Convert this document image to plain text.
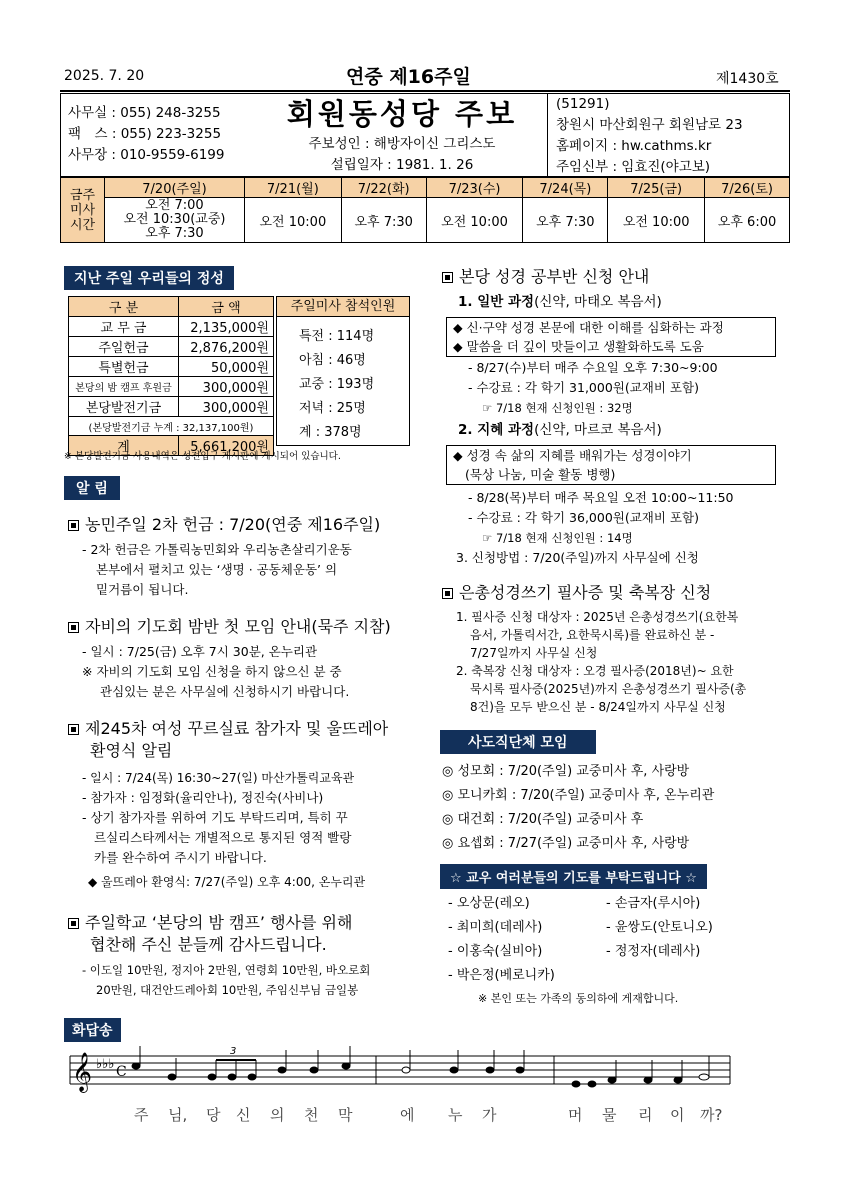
2025. 7. 20	연중 제16주일	제1430호
사무실 : 055) 248-3255
팩　스 : 055) 223-3255
사무장 : 010-9559-6199
회원동성당 주보
주보성인 : 해방자이신 그리스도
설립일자 : 1981. 1. 26
(51291)
창원시 마산회원구 회원남로 23
홈페이지 : hw.cathms.kr
주임신부 : 임효진(야고보)
금주 미사 시간	7/20(주일)	7/21(월)	7/22(화)	7/23(수)	7/24(목)	7/25(금)	7/26(토)

	오전 7:00
오전 10:30(교중)
오후 7:30	오전 10:00	오후 7:30	오전 10:00	오후 7:30	오전 10:00	오후 6:00
지난 주일 우리들의 정성
구 분	금 액
교 무 금	2,135,000원
주일헌금	2,876,200원
특별헌금	50,000원
본당의 밤 캠프 후원금	300,000원
본당발전기금	300,000원
(본당발전기금 누계 : 32,137,100원)	
계	5,661,200원
주일미사 참석인원
특전 : 114명
아침 : 46명
교중 : 193명
저녁 : 25명
계 : 378명
※ 본당발전기금 사용내역은 성전입구 게시판에 게시되어 있습니다.
알 림
농민주일 2차 헌금 : 7/20(연중 제16주일)
- 2차 헌금은 가톨릭농민회와 우리농촌살리기운동
본부에서 펼치고 있는 ‘생명 · 공동체운동’ 의
밑거름이 됩니다.
자비의 기도회 밤반 첫 모임 안내(묵주 지참)
- 일시 : 7/25(금) 오후 7시 30분, 온누리관
※ 자비의 기도회 모임 신청을 하지 않으신 분 중
관심있는 분은 사무실에 신청하시기 바랍니다.
제245차 여성 꾸르실료 참가자 및 울뜨레아
환영식 알림
- 일시 : 7/24(목) 16:30~27(일) 마산가톨릭교육관
- 참가자 : 임정화(율리안나), 정진숙(사비나)
- 상기 참가자를 위하여 기도 부탁드리며, 특히 꾸
르실리스타께서는 개별적으로 통지된 영적 빨랑
카를 완수하여 주시기 바랍니다.
◆ 울뜨레아 환영식: 7/27(주일) 오후 4:00, 온누리관
주일학교 ‘본당의 밤 캠프’ 행사를 위해
협찬해 주신 분들께 감사드립니다.
- 이도일 10만원, 정지아 2만원, 연령회 10만원, 바오로회
20만원, 대건안드레아회 10만원, 주임신부님 금일봉
본당 성경 공부반 신청 안내
1. 일반 과정(신약, 마태오 복음서)
◆ 신·구약 성경 본문에 대한 이해를 심화하는 과정
◆ 말씀을 더 깊이 맛들이고 생활화하도록 도움
- 8/27(수)부터 매주 수요일 오후 7:30~9:00
- 수강료 : 각 학기 31,000원(교재비 포함)
☞ 7/18 현재 신청인원 : 32명
2. 지혜 과정(신약, 마르코 복음서)
◆ 성경 속 삶의 지혜를 배워가는 성경이야기
(묵상 나눔, 미술 활동 병행)
- 8/28(목)부터 매주 목요일 오전 10:00~11:50
- 수강료 : 각 학기 36,000원(교재비 포함)
☞ 7/18 현재 신청인원 : 14명
3. 신청방법 : 7/20(주일)까지 사무실에 신청
은총성경쓰기 필사증 및 축복장 신청
1. 필사증 신청 대상자 : 2025년 은총성경쓰기(요한복
음서, 가톨릭서간, 요한묵시록)를 완료하신 분 -
7/27일까지 사무실 신청
2. 축복장 신청 대상자 : 오경 필사증(2018년)~ 요한
묵시록 필사증(2025년)까지 은총성경쓰기 필사증(총
8건)을 모두 받으신 분 - 8/24일까지 사무실 신청
사도직단체 모임
◎ 성모회 : 7/20(주일) 교중미사 후, 사랑방
◎ 모니카회 : 7/20(주일) 교중미사 후, 온누리관
◎ 대건회 : 7/20(주일) 교중미사 후
◎ 요셉회 : 7/27(주일) 교중미사 후, 사랑방
☆ 교우 여러분들의 기도를 부탁드립니다 ☆
- 오상문(레오)
- 최미희(데레사)
- 이홍숙(실비아)
- 박은정(베로니카)
- 손금자(루시아)
- 윤쌍도(안토니오)
- 정정자(데레사)
※ 본인 또는 가족의 동의하에 게재합니다.
화답송
𝄞 ♭♭♭ C
3
주 님, 당 신 의 천 막	에 누 가	머 물 리 이 까?
